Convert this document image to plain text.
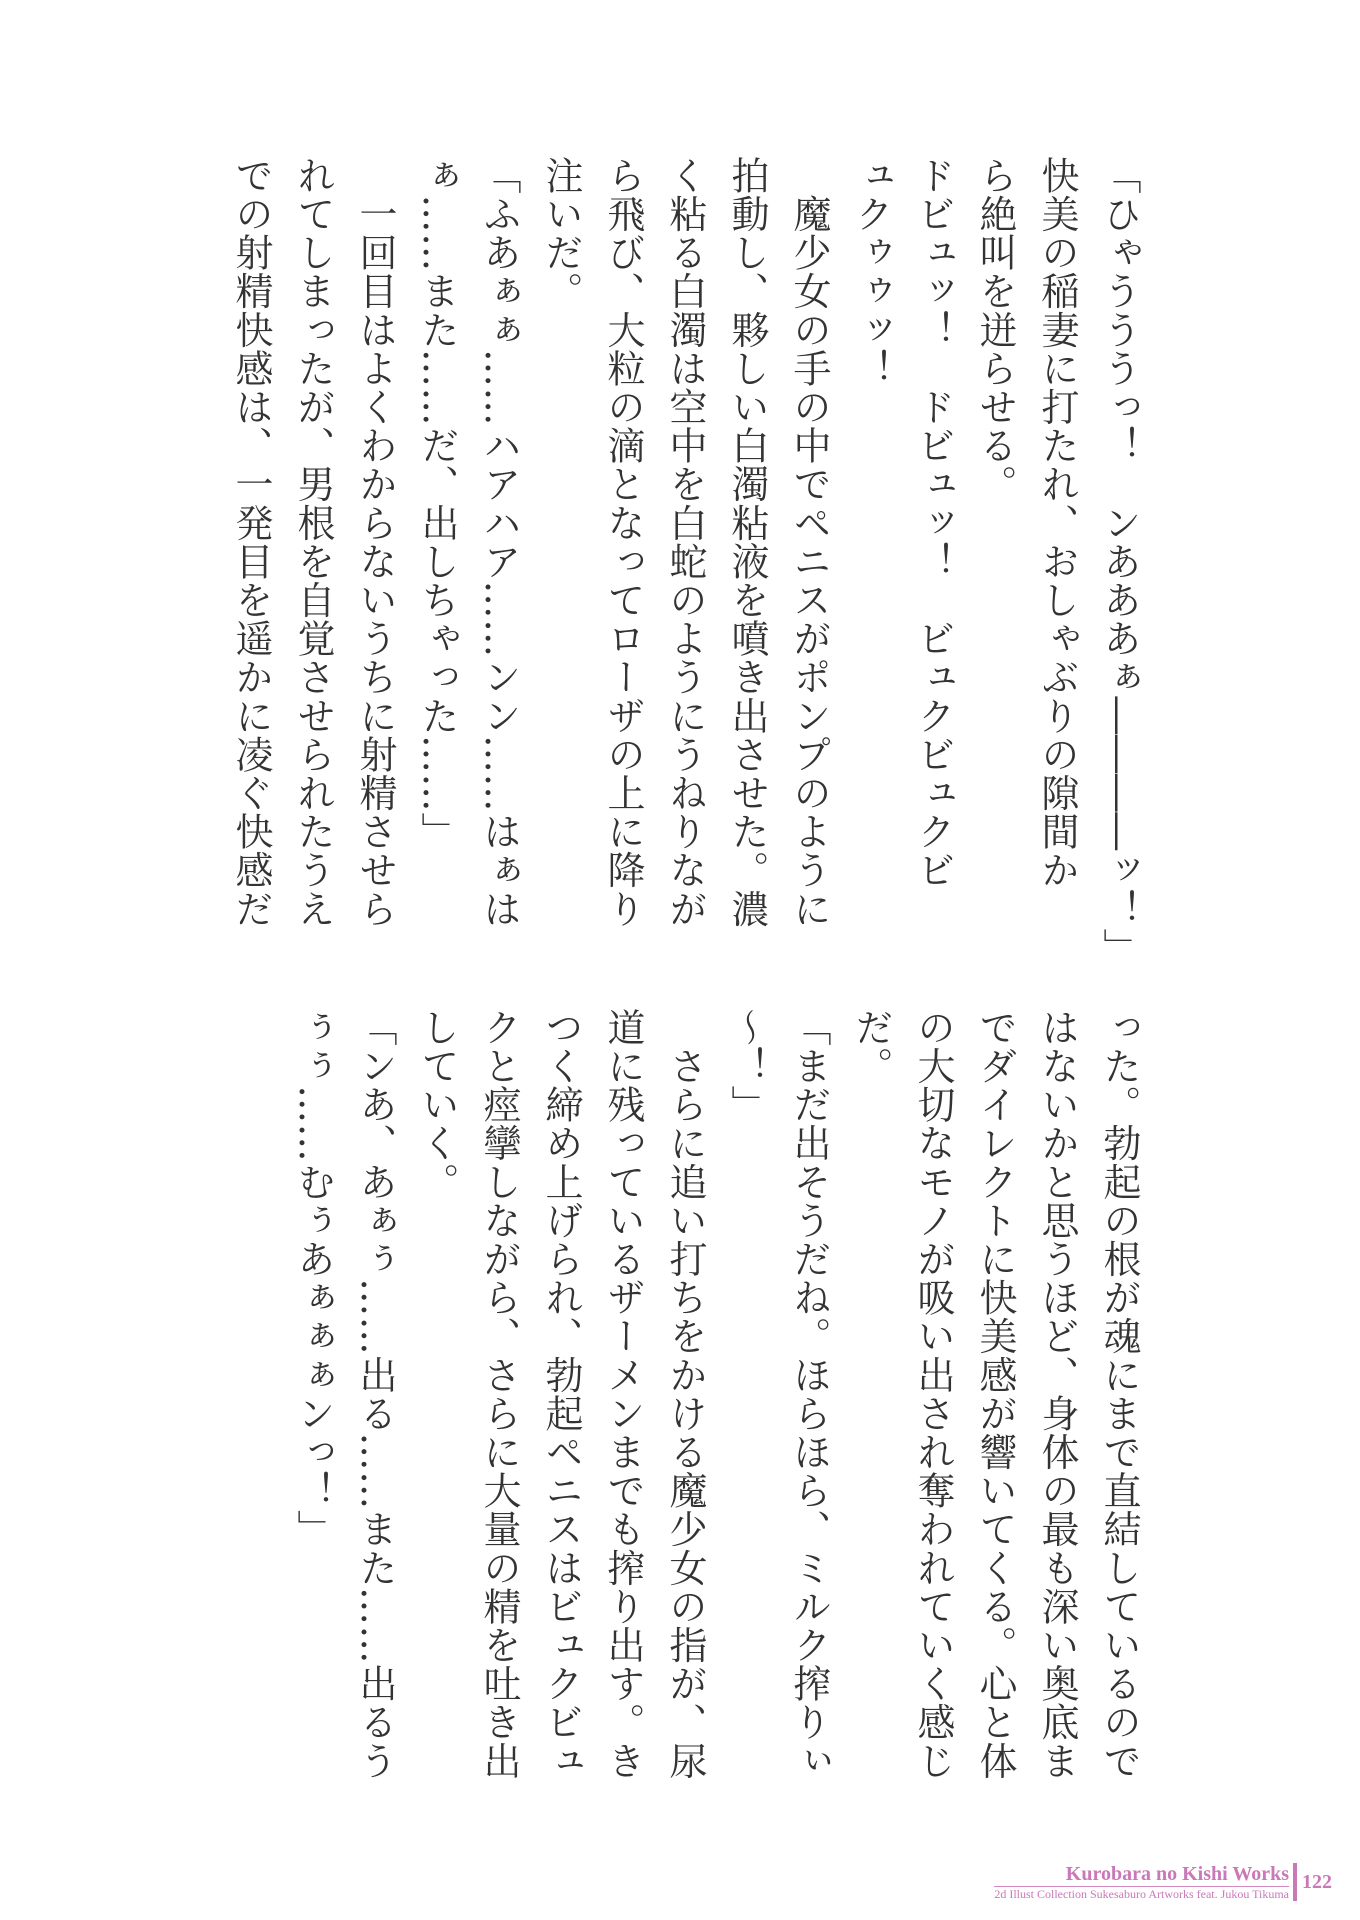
「ひゃうううっ！　ンあああぁ――――ッ！」
快美の稲妻に打たれ、おしゃぶりの隙間か
ら絶叫を迸らせる。
ドビュッ！　ドビュッ！　ビュクビュクビ
ュクゥゥッ！
　魔少女の手の中でペニスがポンプのように
拍動し、夥しい白濁粘液を噴き出させた。濃
く粘る白濁は空中を白蛇のようにうねりなが
ら飛び、大粒の滴となってローザの上に降り
注いだ。
「ふあぁぁ……ハアハア……ンン……はぁは
ぁ……また……だ、出しちゃった……」
　一回目はよくわからないうちに射精させら
れてしまったが、男根を自覚させられたうえ
での射精快感は、一発目を遥かに凌ぐ快感だ
った。勃起の根が魂にまで直結しているので
はないかと思うほど、身体の最も深い奥底ま
でダイレクトに快美感が響いてくる。心と体
の大切なモノが吸い出され奪われていく感じ
だ。
「まだ出そうだね。ほらほら、ミルク搾りぃ
～！」
　さらに追い打ちをかける魔少女の指が、尿
道に残っているザーメンまでも搾り出す。き
つく締め上げられ、勃起ペニスはビュクビュ
クと痙攣しながら、さらに大量の精を吐き出
していく。
「ンあ、あぁぅ……出る……また……出るう
ぅぅ……むぅあぁぁぁンっ！」
Kurobara no Kishi Works
2d Illust Collection Sukesaburo Artworks feat. Jukou Tikuma
122
